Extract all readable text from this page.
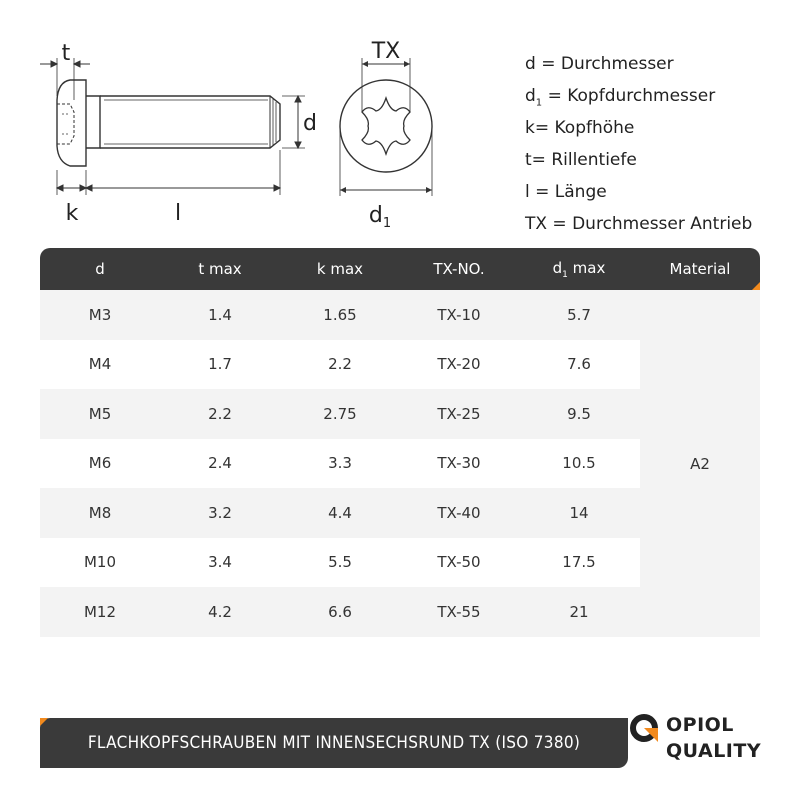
t
k	l
d
TX
$d_1$
d = Durchmesser
$d_1$ = Kopfdurchmesser
k= Kopfhöhe
t= Rillentiefe
l = Länge
TX = Durchmesser Antrieb
d	t max	k max	TX-NO.	$d_1$ max	Material
M3	1.4	1.65	TX-10	5.7
M4	1.7	2.2	TX-20	7.6
M5	2.2	2.75	TX-25	9.5
M6	2.4	3.3	TX-30	10.5
M8	3.2	4.4	TX-40	14
M10	3.4	5.5	TX-50	17.5
M12	4.2	6.6	TX-55	21
A2
FLACHKOPFSCHRAUBEN MIT INNENSECHSRUND TX (ISO 7380)
OPIOL
QUALITY
